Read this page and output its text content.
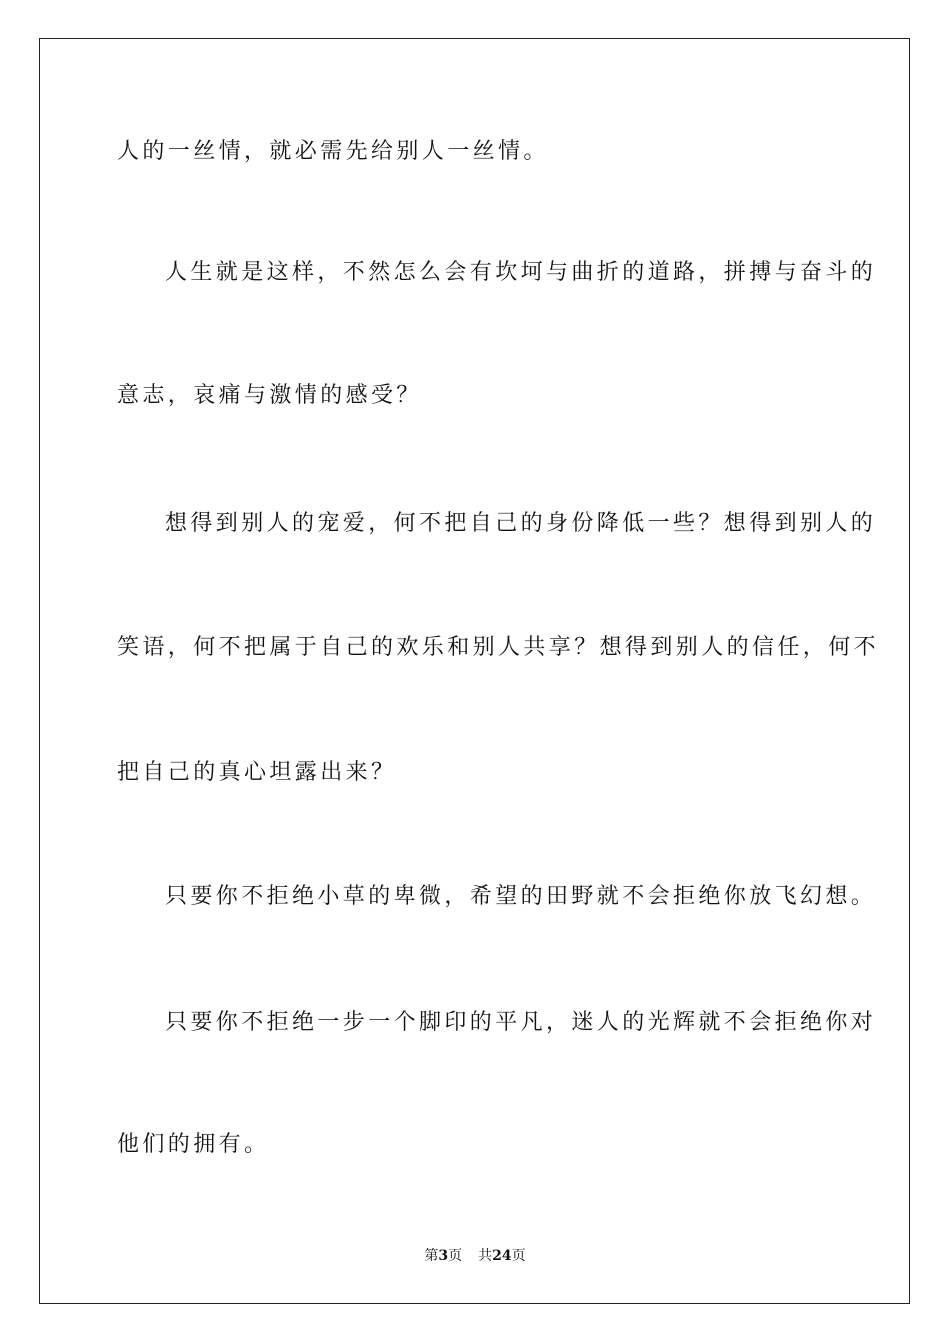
人的一丝情，就必需先给别人一丝情。

人生就是这样，不然怎么会有坎坷与曲折的道路，拼搏与奋斗的

意志，哀痛与激情的感受？

想得到别人的宠爱，何不把自己的身份降低一些？想得到别人的

笑语，何不把属于自己的欢乐和别人共享？想得到别人的信任，何不

把自己的真心坦露出来？

只要你不拒绝小草的卑微，希望的田野就不会拒绝你放飞幻想。

只要你不拒绝一步一个脚印的平凡，迷人的光辉就不会拒绝你对

他们的拥有。

第3页 共24页
